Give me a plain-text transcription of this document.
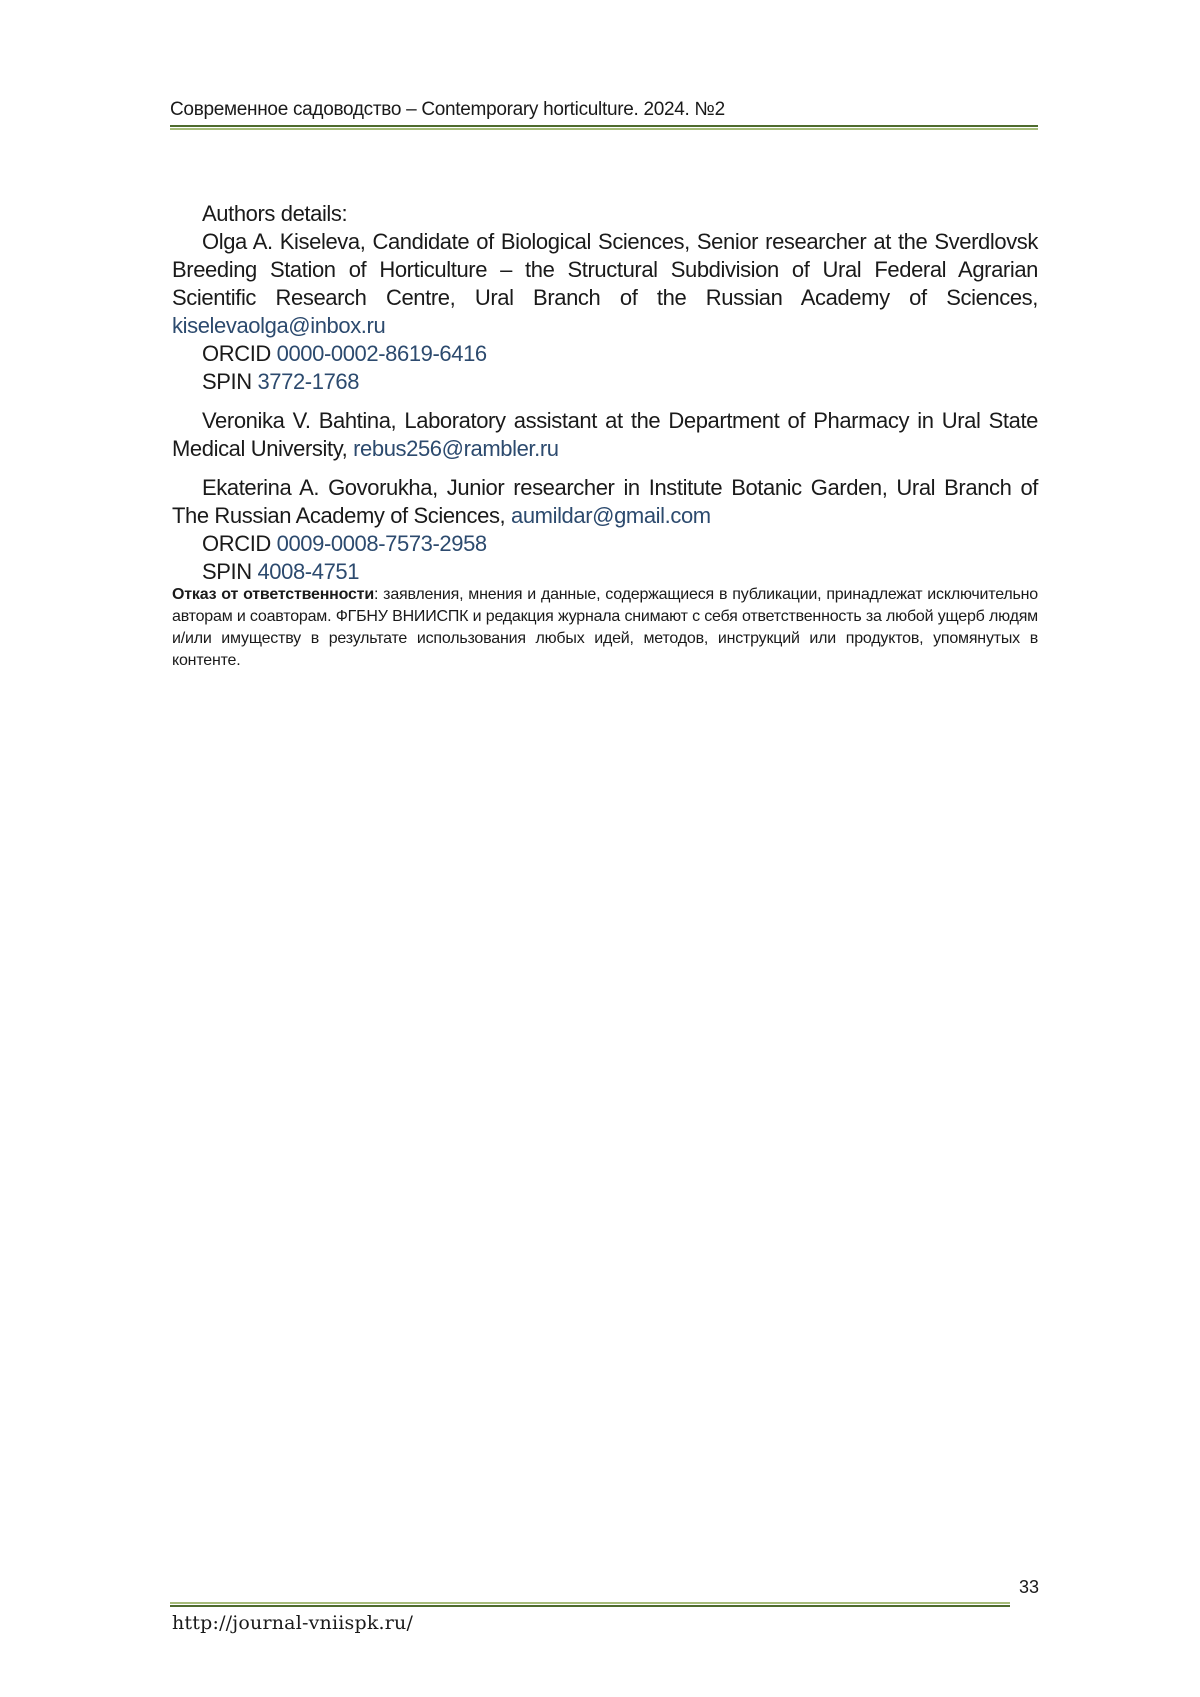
Современное садоводство – Contemporary horticulture. 2024. №2

Authors details:

Olga A. Kiseleva, Candidate of Biological Sciences, Senior researcher at the Sverdlovsk Breeding Station of Horticulture – the Structural Subdivision of Ural Federal Agrarian Scientific Research Centre, Ural Branch of the Russian Academy of Sciences, kiselevaolga@inbox.ru

ORCID 0000-0002-8619-6416

SPIN 3772-1768

Veronika V. Bahtina, Laboratory assistant at the Department of Pharmacy in Ural State Medical University, rebus256@rambler.ru

Ekaterina A. Govorukha, Junior researcher in Institute Botanic Garden, Ural Branch of The Russian Academy of Sciences, aumildar@gmail.com

ORCID 0009-0008-7573-2958

SPIN 4008-4751

Отказ от ответственности: заявления, мнения и данные, содержащиеся в публикации, принадлежат исключительно авторам и соавторам. ФГБНУ ВНИИСПК и редакция журнала снимают с себя ответственность за любой ущерб людям и/или имуществу в результате использования любых идей, методов, инструкций или продуктов, упомянутых в контенте.
33
http://journal-vniispk.ru/
